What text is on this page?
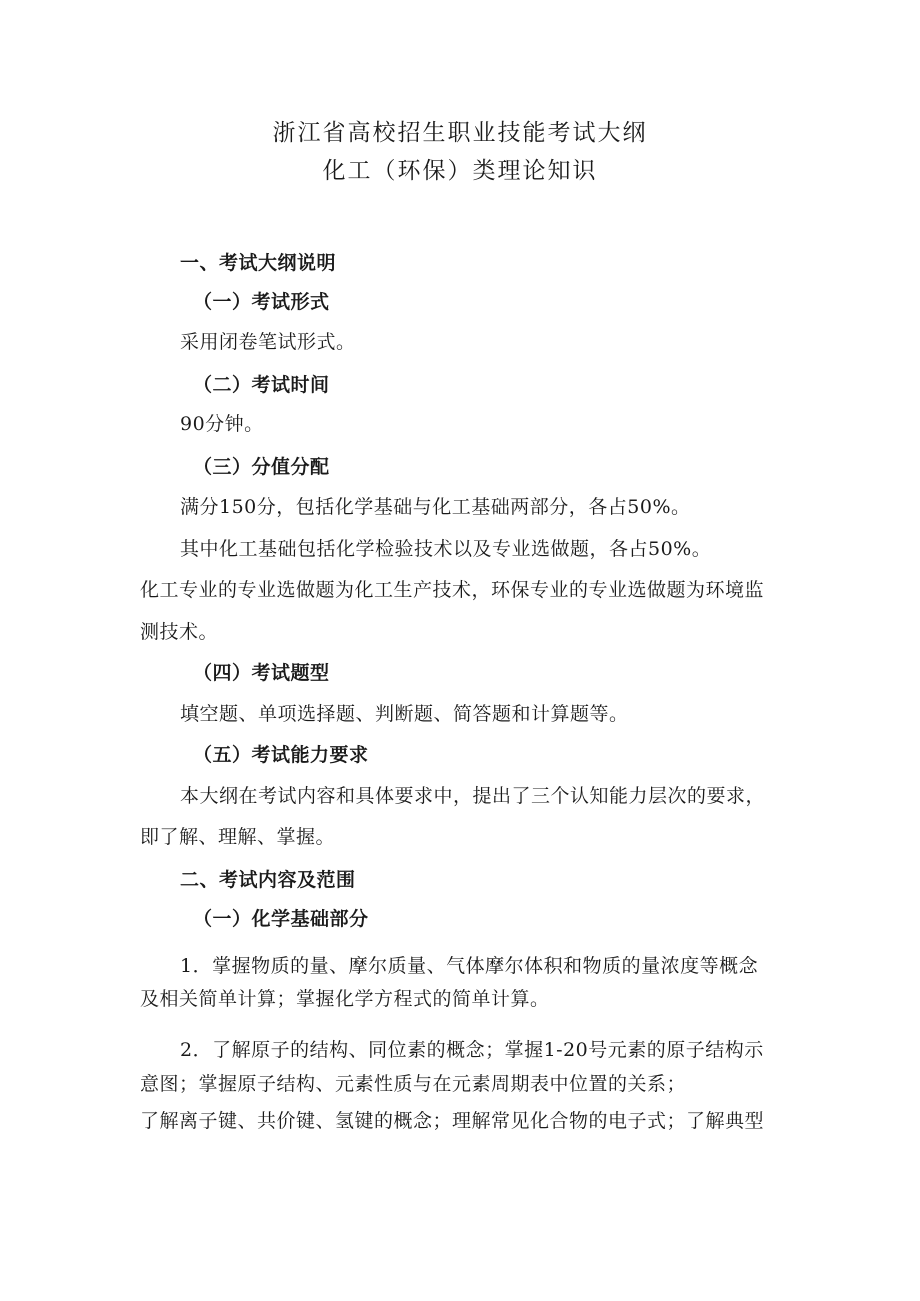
浙江省高校招生职业技能考试大纲
化工（环保）类理论知识
一、考试大纲说明
（一）考试形式
采用闭卷笔试形式。
（二）考试时间
90分钟。
（三）分值分配
满分150分，包括化学基础与化工基础两部分，各占50%。
其中化工基础包括化学检验技术以及专业选做题，各占50%。
化工专业的专业选做题为化工生产技术，环保专业的专业选做题为环境监
测技术。
（四）考试题型
填空题、单项选择题、判断题、简答题和计算题等。
（五）考试能力要求
本大纲在考试内容和具体要求中，提出了三个认知能力层次的要求，
即了解、理解、掌握。
二、考试内容及范围
（一）化学基础部分
1．掌握物质的量、摩尔质量、气体摩尔体积和物质的量浓度等概念
及相关简单计算；掌握化学方程式的简单计算。
2．了解原子的结构、同位素的概念；掌握1-20号元素的原子结构示
意图；掌握原子结构、元素性质与在元素周期表中位置的关系；
了解离子键、共价键、氢键的概念；理解常见化合物的电子式；了解典型
